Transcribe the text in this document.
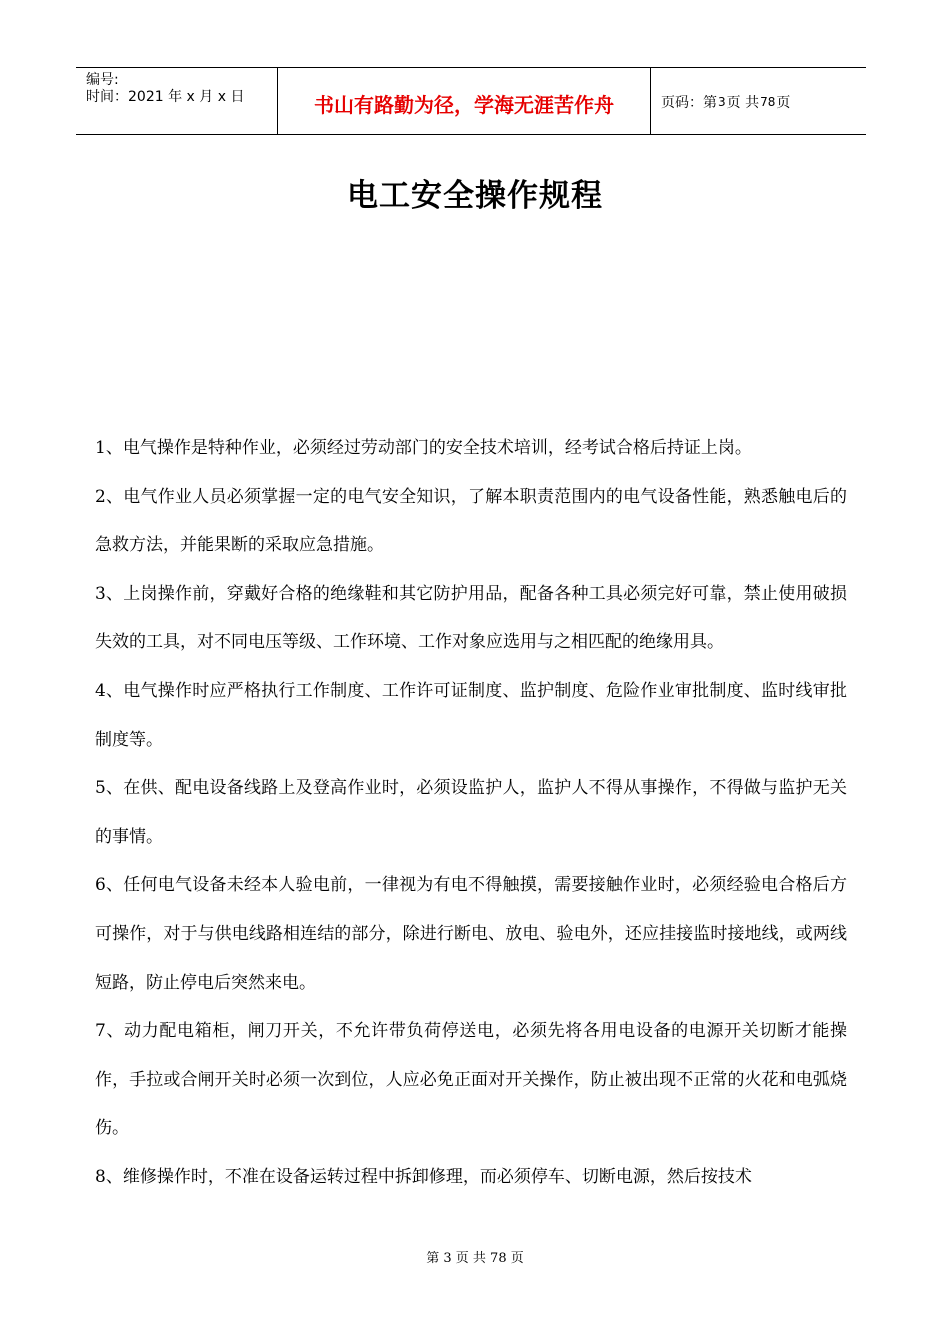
编号:
时间：2021 年 x 月 x 日	书山有路勤为径，学海无涯苦作舟	页码：第 3 页 共 78 页
电工安全操作规程

1、电气操作是特种作业，必须经过劳动部门的安全技术培训，经考试合格后持证上岗。

2、电气作业人员必须掌握一定的电气安全知识，了解本职责范围内的电气设备性能，熟悉触电后的急救方法，并能果断的采取应急措施。

3、上岗操作前，穿戴好合格的绝缘鞋和其它防护用品，配备各种工具必须完好可靠，禁止使用破损失效的工具，对不同电压等级、工作环境、工作对象应选用与之相匹配的绝缘用具。

4、电气操作时应严格执行工作制度、工作许可证制度、监护制度、危险作业审批制度、监时线审批制度等。

5、在供、配电设备线路上及登高作业时，必须设监护人，监护人不得从事操作，不得做与监护无关的事情。

6、任何电气设备未经本人验电前，一律视为有电不得触摸，需要接触作业时，必须经验电合格后方可操作，对于与供电线路相连结的部分，除进行断电、放电、验电外，还应挂接监时接地线，或两线短路，防止停电后突然来电。

7、动力配电箱柜，闸刀开关，不允许带负荷停送电，必须先将各用电设备的电源开关切断才能操作，手拉或合闸开关时必须一次到位，人应必免正面对开关操作，防止被出现不正常的火花和电弧烧伤。

8、维修操作时，不准在设备运转过程中拆卸修理，而必须停车、切断电源，然后按技术

第 3 页 共 78 页
